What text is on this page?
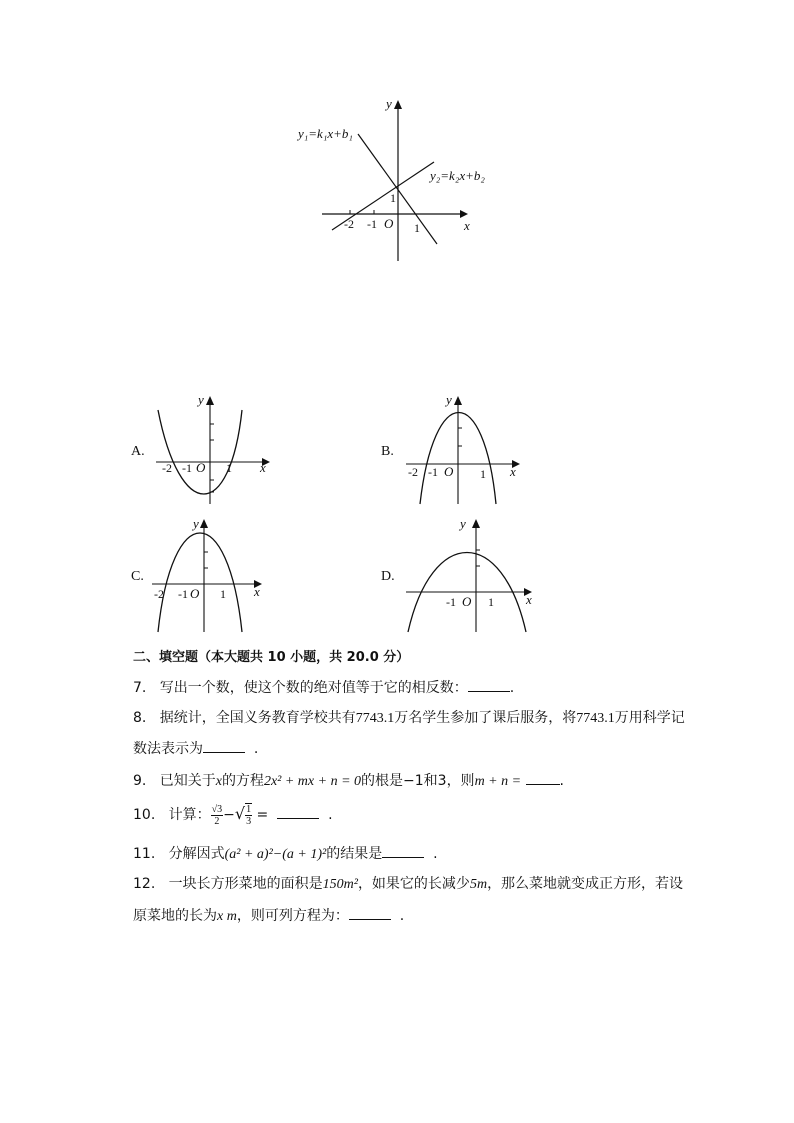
y
x
y₁=k₁x+b₁
y₂=k₂x+b₂
1
-2 -1 O 1
A.
y
x
-2 -1 O 1
B.
y
x
-2 -1 O 1
C.
y
x
-2 -1 O 1
D.
y
x
-1 O 1
二、填空题（本大题共 10 小题，共 20.0 分）
7. 写出一个数，使这个数的绝对值等于它的相反数：	.
8. 据统计，全国义务教育学校共有7743.1万名学生参加了课后服务，将7743.1万用科学记
数法表示为	.
9. 已知关于x的方程2x² + mx + n = 0的根是−1和3，则m + n =	.
10. 计算： $\frac{√3}{2}$ −√ $\frac{1}{3}$ =	.
11. 分解因式(a² + a)²−(a + 1)²的结果是	.
12. 一块长方形菜地的面积是150m²，如果它的长减少5m，那么菜地就变成正方形，若设
原菜地的长为x m，则可列方程为：	.
